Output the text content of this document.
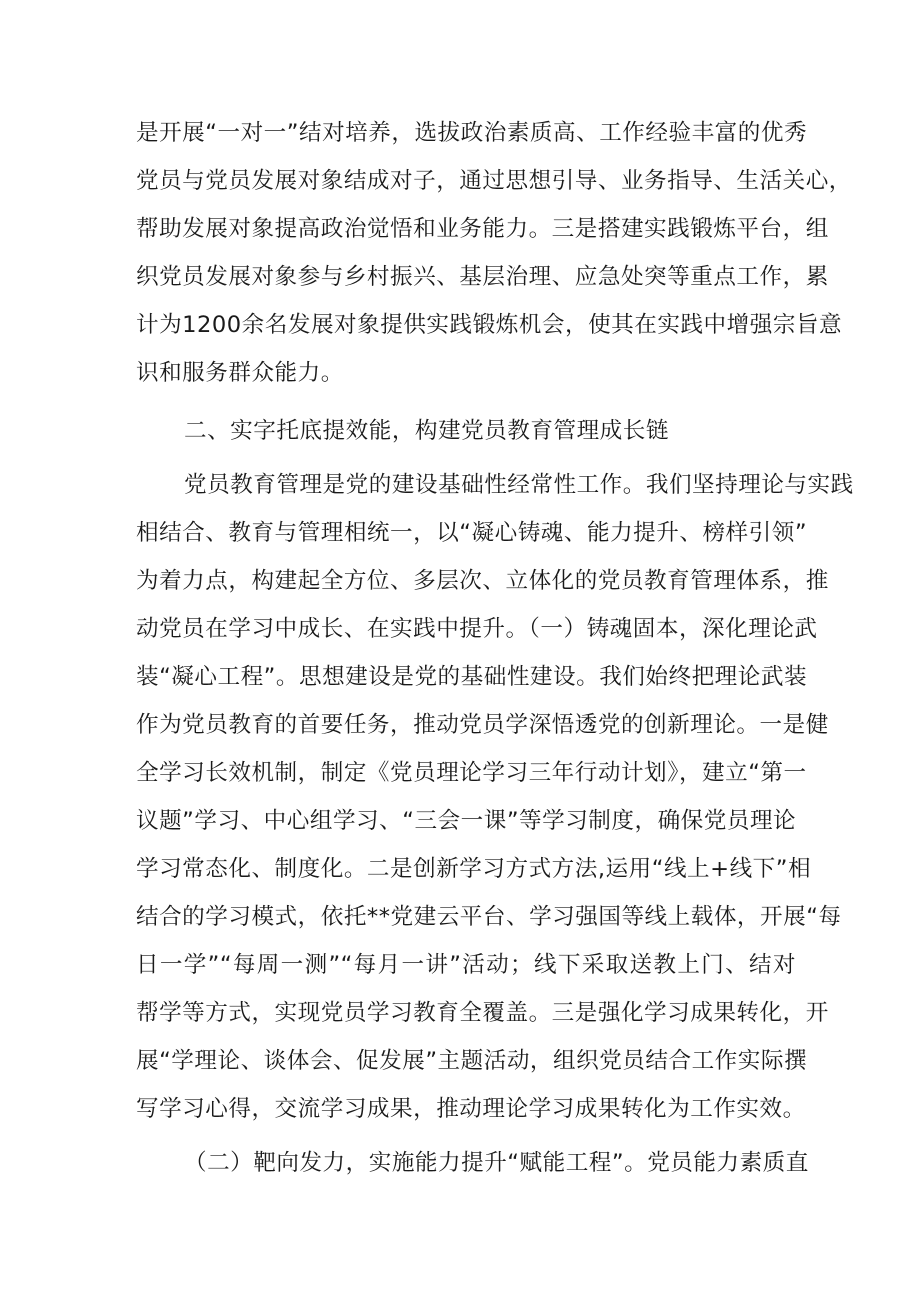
是开展“一对一”结对培养，选拔政治素质高、工作经验丰富的优秀
党员与党员发展对象结成对子，通过思想引导、业务指导、生活关心，
帮助发展对象提高政治觉悟和业务能力。三是搭建实践锻炼平台，组
织党员发展对象参与乡村振兴、基层治理、应急处突等重点工作，累
计为1200余名发展对象提供实践锻炼机会，使其在实践中增强宗旨意
识和服务群众能力。
二、实字托底提效能，构建党员教育管理成长链
党员教育管理是党的建设基础性经常性工作。我们坚持理论与实践
相结合、教育与管理相统一，以“凝心铸魂、能力提升、榜样引领”
为着力点，构建起全方位、多层次、立体化的党员教育管理体系，推
动党员在学习中成长、在实践中提升。（一）铸魂固本，深化理论武
装“凝心工程”。思想建设是党的基础性建设。我们始终把理论武装
作为党员教育的首要任务，推动党员学深悟透党的创新理论。一是健
全学习长效机制，制定《党员理论学习三年行动计划》，建立“第一
议题”学习、中心组学习、“三会一课”等学习制度，确保党员理论
学习常态化、制度化。二是创新学习方式方法,运用“线上+线下”相
结合的学习模式，依托**党建云平台、学习强国等线上载体，开展“每
日一学”“每周一测”“每月一讲”活动；线下采取送教上门、结对
帮学等方式，实现党员学习教育全覆盖。三是强化学习成果转化，开
展“学理论、谈体会、促发展”主题活动，组织党员结合工作实际撰
写学习心得，交流学习成果，推动理论学习成果转化为工作实效。
（二）靶向发力，实施能力提升“赋能工程”。党员能力素质直
